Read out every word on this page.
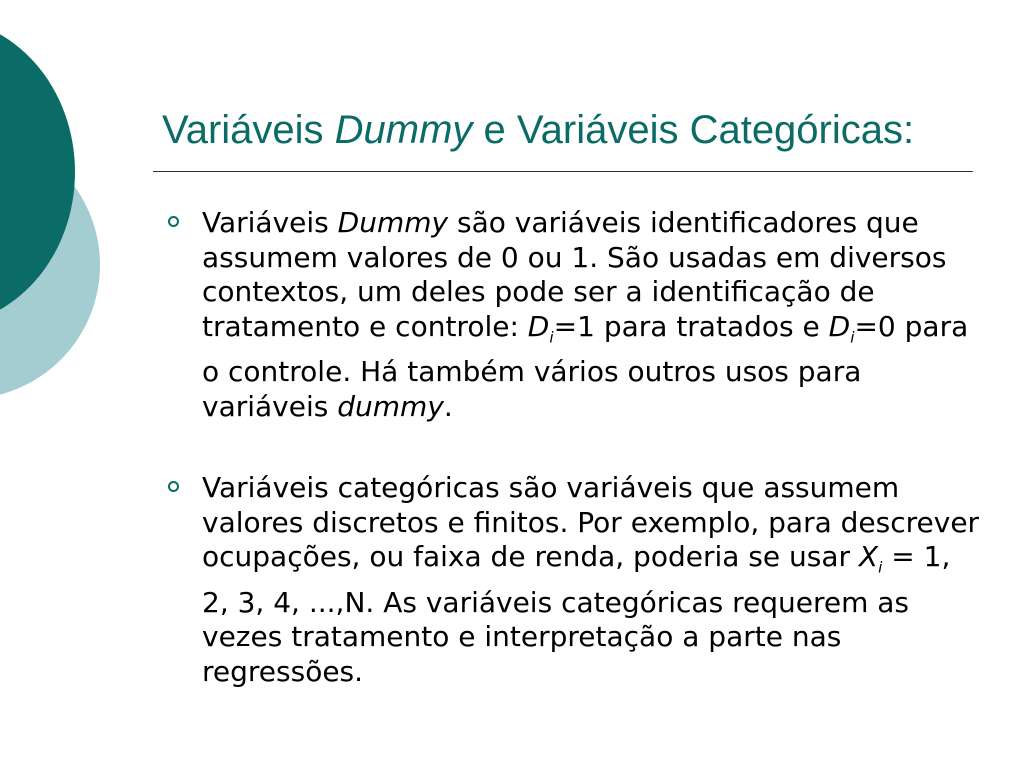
Variáveis Dummy e Variáveis Categóricas:
Variáveis Dummy são variáveis identificadores que assumem valores de 0 ou 1. São usadas em diversos contextos, um deles pode ser a identificação de tratamento e controle: $D_i=1$ para tratados e $D_i=0$ para o controle. Há também vários outros usos para variáveis dummy.
Variáveis categóricas são variáveis que assumem valores discretos e finitos. Por exemplo, para descrever ocupações, ou faixa de renda, poderia se usar $X_i = 1$, 2, 3, 4, ...,N. As variáveis categóricas requerem as vezes tratamento e interpretação a parte nas regressões.
